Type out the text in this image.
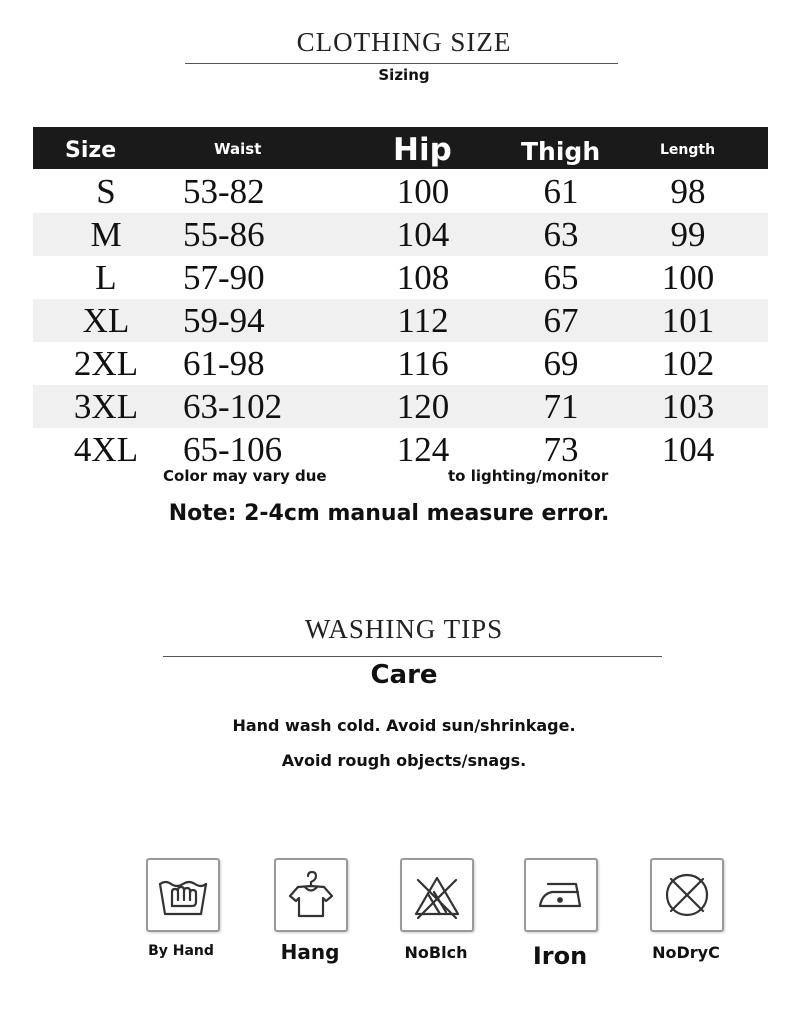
CLOTHING SIZE
Sizing
Size	Waist	Hip	Thigh	Length
S	53-82	100	61	98
M	55-86	104	63	99
L	57-90	108	65	100
XL	59-94	112	67	101
2XL	61-98	116	69	102
3XL	63-102	120	71	103
4XL	65-106	124	73	104
Color may vary due	to lighting/monitor
Note: 2-4cm manual measure error.
WASHING TIPS
Care
Hand wash cold. Avoid sun/shrinkage.
Avoid rough objects/snags.
By Hand	Hang	NoBlch	Iron	NoDryC
